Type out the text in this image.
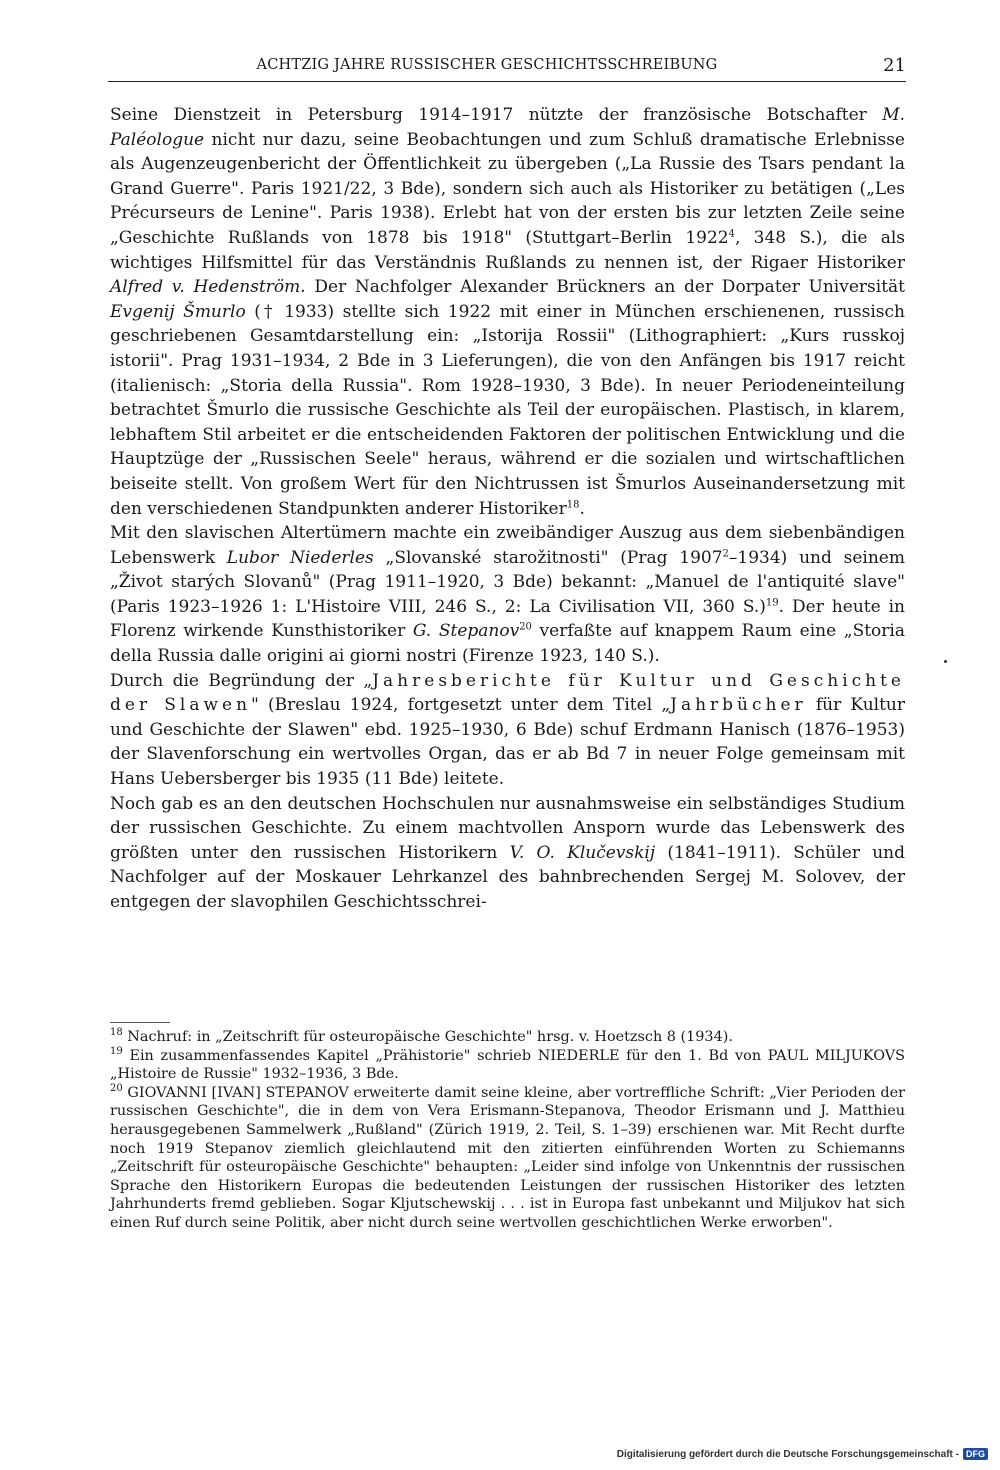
ACHTZIG JAHRE RUSSISCHER GESCHICHTSSCHREIBUNG	21

Seine Dienstzeit in Petersburg 1914–1917 nützte der französische Botschafter M. Paléologue nicht nur dazu, seine Beobachtungen und zum Schluß dramatische Erlebnisse als Augenzeugenbericht der Öffentlichkeit zu übergeben („La Russie des Tsars pendant la Grand Guerre". Paris 1921/22, 3 Bde), sondern sich auch als Historiker zu betätigen („Les Précurseurs de Lenine". Paris 1938). Erlebt hat von der ersten bis zur letzten Zeile seine „Geschichte Rußlands von 1878 bis 1918" (Stuttgart–Berlin 1922$^4$, 348 S.), die als wichtiges Hilfsmittel für das Verständnis Rußlands zu nennen ist, der Rigaer Historiker Alfred v. Hedenström. Der Nachfolger Alexander Brückners an der Dorpater Universität Evgenij Šmurlo († 1933) stellte sich 1922 mit einer in München erschienenen, russisch geschriebenen Gesamtdarstellung ein: „Istorija Rossii" (Lithographiert: „Kurs russkoj istorii". Prag 1931–1934, 2 Bde in 3 Lieferungen), die von den Anfängen bis 1917 reicht (italienisch: „Storia della Russia". Rom 1928–1930, 3 Bde). In neuer Periodeneinteilung betrachtet Šmurlo die russische Geschichte als Teil der europäischen. Plastisch, in klarem, lebhaftem Stil arbeitet er die entscheidenden Faktoren der politischen Entwicklung und die Hauptzüge der „Russischen Seele" heraus, während er die sozialen und wirtschaftlichen beiseite stellt. Von großem Wert für den Nichtrussen ist Šmurlos Auseinandersetzung mit den verschiedenen Standpunkten anderer Historiker$^{18}$.

Mit den slavischen Altertümern machte ein zweibändiger Auszug aus dem siebenbändigen Lebenswerk Lubor Niederles „Slovanské starožitnosti" (Prag 1907$^2$–1934) und seinem „Život starých Slovanů" (Prag 1911–1920, 3 Bde) bekannt: „Manuel de l'antiquité slave" (Paris 1923–1926 1: L'Histoire VIII, 246 S., 2: La Civilisation VII, 360 S.)$^{19}$. Der heute in Florenz wirkende Kunsthistoriker G. Stepanov$^{20}$ verfaßte auf knappem Raum eine „Storia della Russia dalle origini ai giorni nostri (Firenze 1923, 140 S.).

Durch die Begründung der „Jahresberichte für Kultur und Geschichte der Slawen" (Breslau 1924, fortgesetzt unter dem Titel „Jahrbücher für Kultur und Geschichte der Slawen" ebd. 1925–1930, 6 Bde) schuf Erdmann Hanisch (1876–1953) der Slavenforschung ein wertvolles Organ, das er ab Bd 7 in neuer Folge gemeinsam mit Hans Uebersberger bis 1935 (11 Bde) leitete.

Noch gab es an den deutschen Hochschulen nur ausnahmsweise ein selbständiges Studium der russischen Geschichte. Zu einem machtvollen Ansporn wurde das Lebenswerk des größten unter den russischen Historikern V. O. Klučevskij (1841–1911). Schüler und Nachfolger auf der Moskauer Lehrkanzel des bahnbrechenden Sergej M. Solovev, der entgegen der slavophilen Geschichtsschrei-

$^{18}$ Nachruf: in „Zeitschrift für osteuropäische Geschichte" hrsg. v. Hoetzsch 8 (1934).

$^{19}$ Ein zusammenfassendes Kapitel „Prähistorie" schrieb NIEDERLE für den 1. Bd von PAUL MILJUKOVS „Histoire de Russie" 1932–1936, 3 Bde.

$^{20}$ GIOVANNI [IVAN] STEPANOV erweiterte damit seine kleine, aber vortreffliche Schrift: „Vier Perioden der russischen Geschichte", die in dem von Vera Erismann-Stepanova, Theodor Erismann und J. Matthieu herausgegebenen Sammelwerk „Rußland" (Zürich 1919, 2. Teil, S. 1–39) erschienen war. Mit Recht durfte noch 1919 Stepanov ziemlich gleichlautend mit den zitierten einführenden Worten zu Schiemanns „Zeitschrift für osteuropäische Geschichte" behaupten: „Leider sind infolge von Unkenntnis der russischen Sprache den Historikern Europas die bedeutenden Leistungen der russischen Historiker des letzten Jahrhunderts fremd geblieben. Sogar Kljutschewskij . . . ist in Europa fast unbekannt und Miljukov hat sich einen Ruf durch seine Politik, aber nicht durch seine wertvollen geschichtlichen Werke erworben".

Digitalisierung gefördert durch die Deutsche Forschungsgemeinschaft - DFG
